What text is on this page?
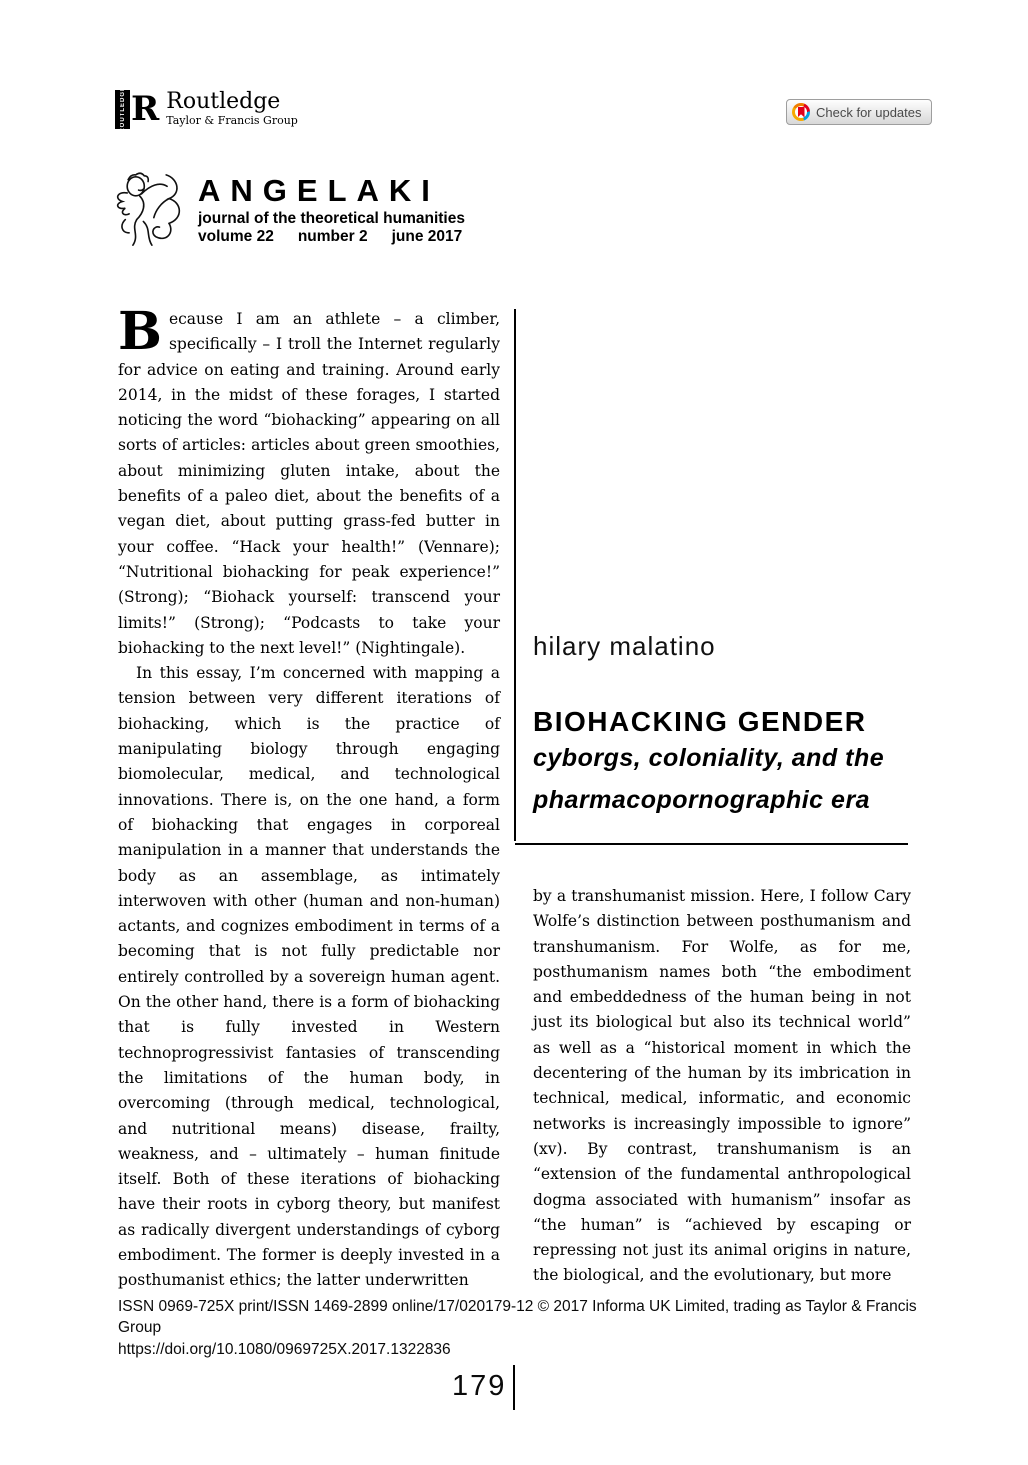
ROUTLEDGE R Routledge
Taylor & Francis Group
Check for updates
ANGELAKI
journal of the theoretical humanities
volume 22 number 2 june 2017

Because I am an athlete – a climber, specifically – I troll the Internet regularly for advice on eating and training. Around early 2014, in the midst of these forages, I started noticing the word “biohacking” appearing on all sorts of articles: articles about green smoothies, about minimizing gluten intake, about the benefits of a paleo diet, about the benefits of a vegan diet, about putting grass-fed butter in your coffee. “Hack your health!” (Vennare); “Nutritional biohacking for peak experience!” (Strong); “Biohack yourself: transcend your limits!” (Strong); “Podcasts to take your biohacking to the next level!” (Nightingale).

In this essay, I’m concerned with mapping a tension between very different iterations of biohacking, which is the practice of manipulating biology through engaging biomolecular, medical, and technological innovations. There is, on the one hand, a form of biohacking that engages in corporeal manipulation in a manner that understands the body as an assemblage, as intimately interwoven with other (human and non-human) actants, and cognizes embodiment in terms of a becoming that is not fully predictable nor entirely controlled by a sovereign human agent. On the other hand, there is a form of biohacking that is fully invested in Western technoprogressivist fantasies of transcending the limitations of the human body, in overcoming (through medical, technological, and nutritional means) disease, frailty, weakness, and – ultimately – human finitude itself. Both of these iterations of biohacking have their roots in cyborg theory, but manifest as radically divergent understandings of cyborg embodiment. The former is deeply invested in a posthumanist ethics; the latter underwritten

hilary malatino
BIOHACKING GENDER
cyborgs, coloniality, and the
pharmacopornographic era

by a transhumanist mission. Here, I follow Cary Wolfe’s distinction between posthumanism and transhumanism. For Wolfe, as for me, posthumanism names both “the embodiment and embeddedness of the human being in not just its biological but also its technical world” as well as a “historical moment in which the decentering of the human by its imbrication in technical, medical, informatic, and economic networks is increasingly impossible to ignore” (xv). By contrast, transhumanism is an “extension of the fundamental anthropological dogma associated with humanism” insofar as “the human” is “achieved by escaping or repressing not just its animal origins in nature, the biological, and the evolutionary, but more

ISSN 0969-725X print/ISSN 1469-2899 online/17/020179-12 © 2017 Informa UK Limited, trading as Taylor & Francis Group
https://doi.org/10.1080/0969725X.2017.1322836
179
